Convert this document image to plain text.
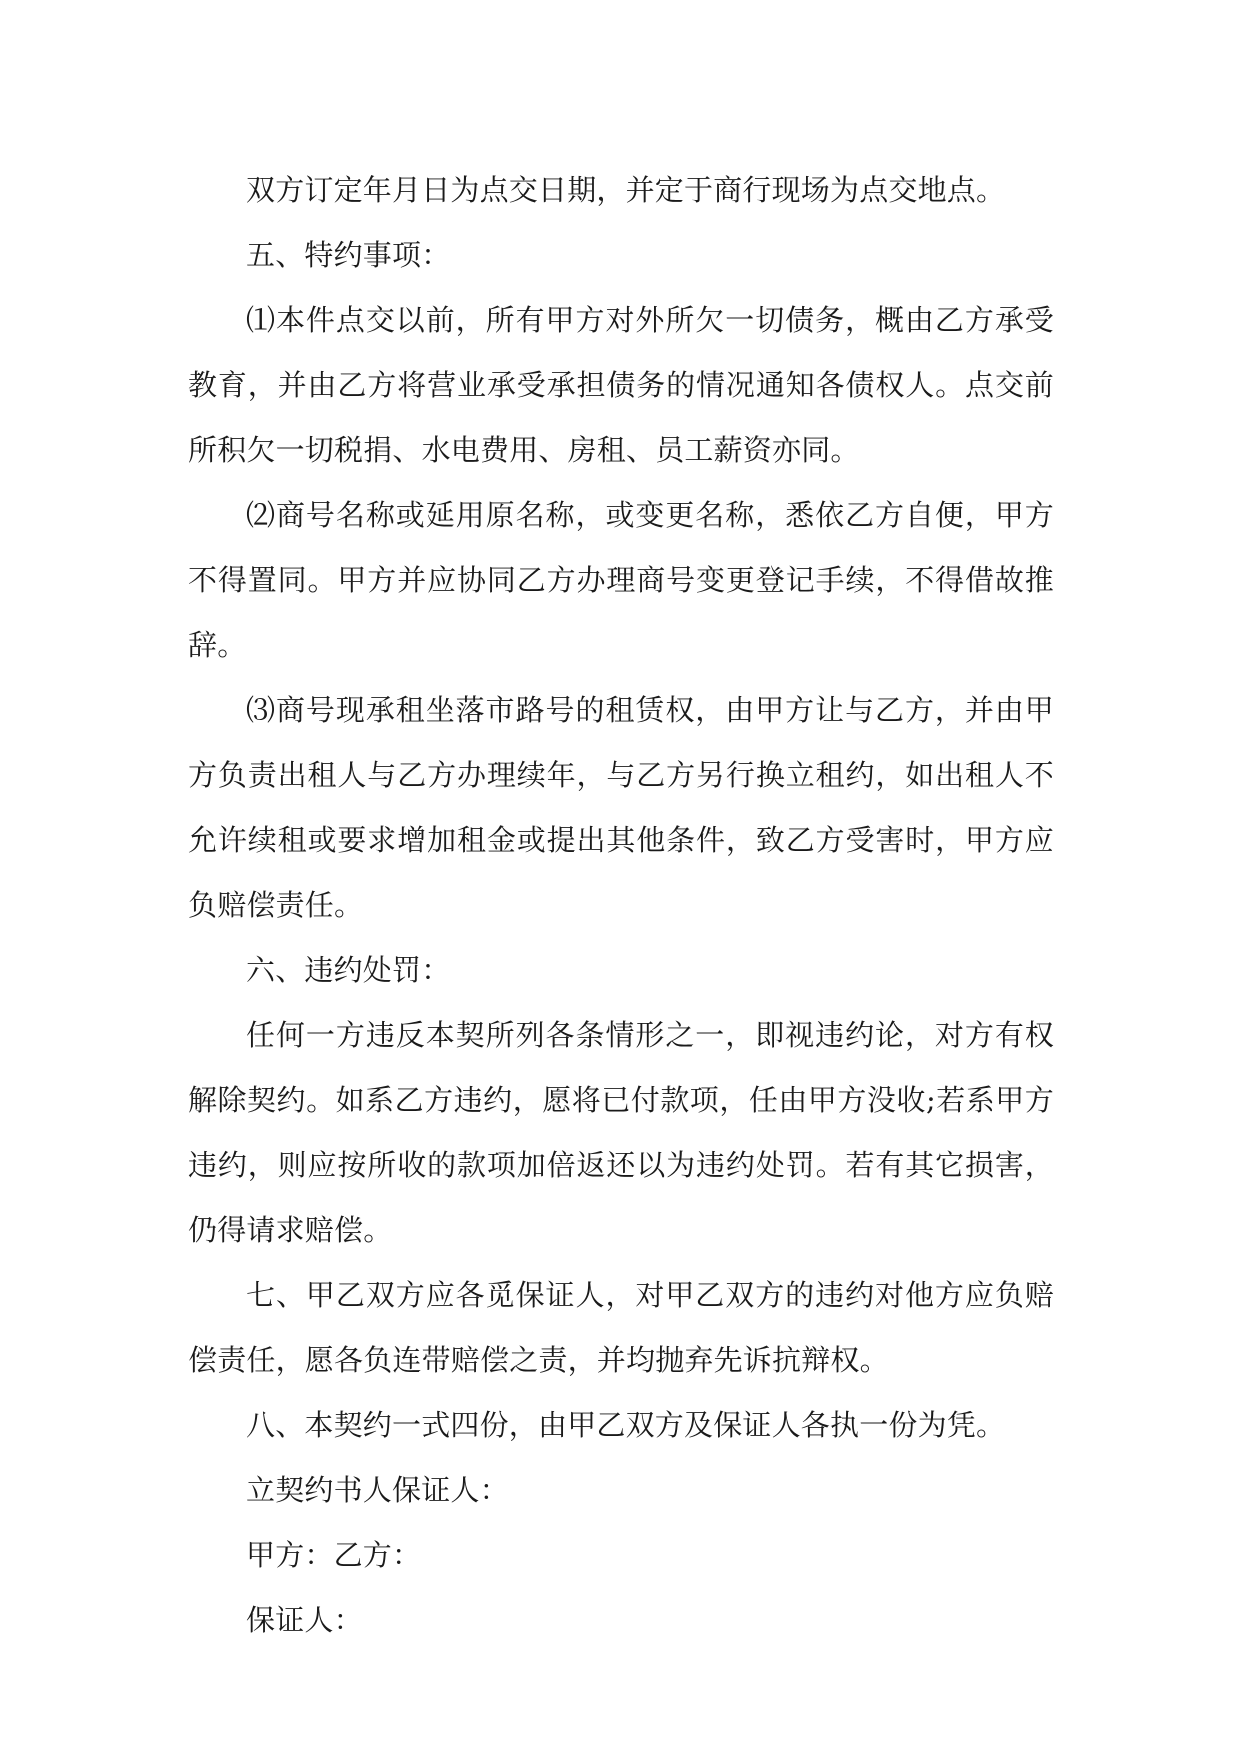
双方订定年月日为点交日期，并定于商行现场为点交地点。

五、特约事项：

⑴本件点交以前，所有甲方对外所欠一切债务，概由乙方承受教育，并由乙方将营业承受承担债务的情况通知各债权人。点交前所积欠一切税捐、水电费用、房租、员工薪资亦同。

⑵商号名称或延用原名称，或变更名称，悉依乙方自便，甲方不得置同。甲方并应协同乙方办理商号变更登记手续，不得借故推辞。

⑶商号现承租坐落市路号的租赁权，由甲方让与乙方，并由甲方负责出租人与乙方办理续年，与乙方另行换立租约，如出租人不允许续租或要求增加租金或提出其他条件，致乙方受害时，甲方应负赔偿责任。

六、违约处罚：

任何一方违反本契所列各条情形之一，即视违约论，对方有权解除契约。如系乙方违约，愿将已付款项，任由甲方没收;若系甲方违约，则应按所收的款项加倍返还以为违约处罚。若有其它损害，仍得请求赔偿。

七、甲乙双方应各觅保证人，对甲乙双方的违约对他方应负赔偿责任，愿各负连带赔偿之责，并均抛弃先诉抗辩权。

八、本契约一式四份，由甲乙双方及保证人各执一份为凭。

立契约书人保证人：

甲方：乙方：

保证人：
